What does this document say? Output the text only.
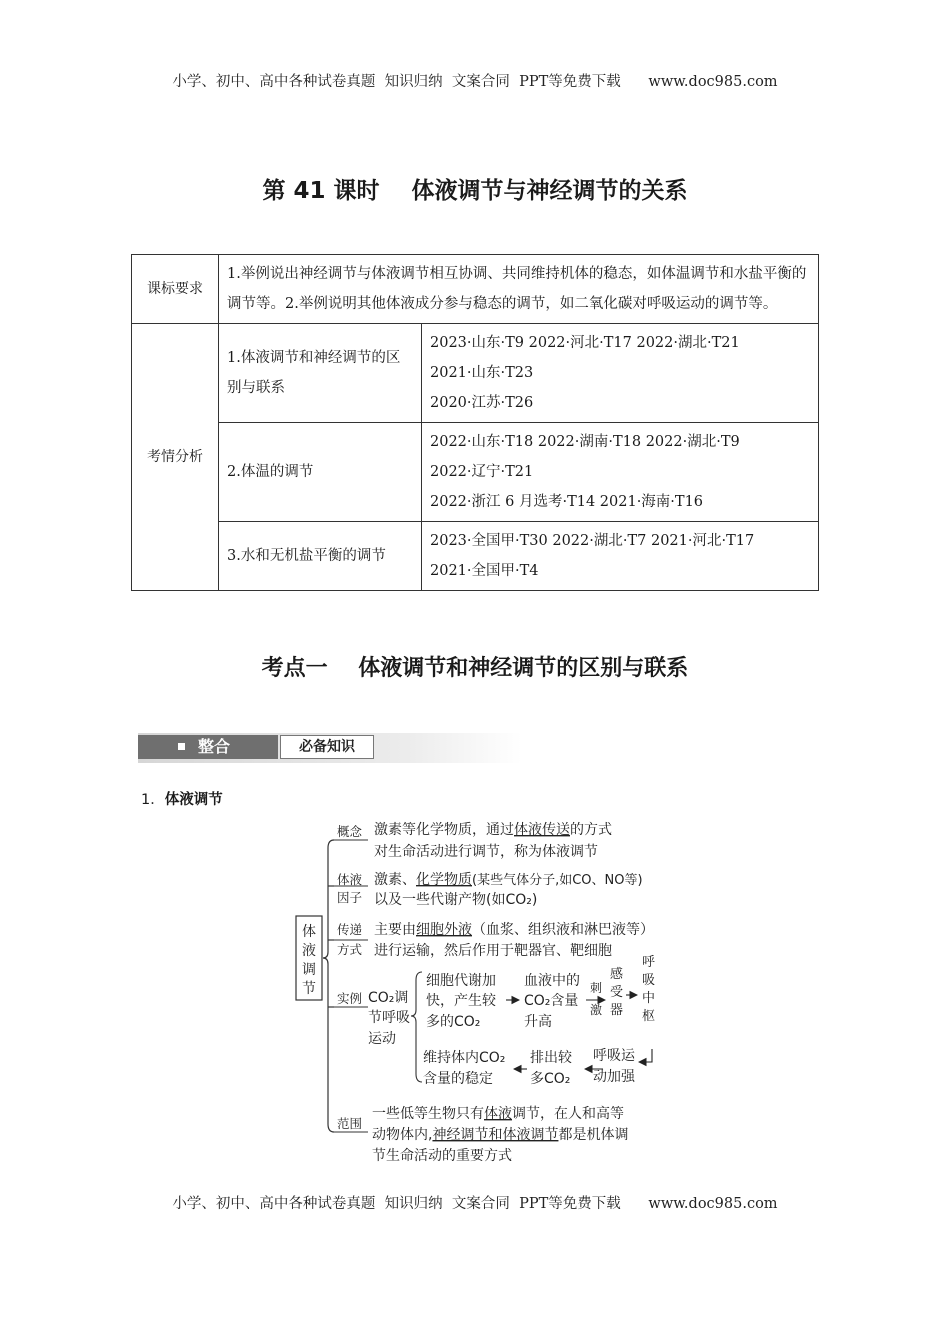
小学、初中、高中各种试卷真题  知识归纳  文案合同  PPT等免费下载      www.doc985.com
第 41 课时    体液调节与神经调节的关系
课标要求	1.举例说出神经调节与体液调节相互协调、共同维持机体的稳态，如体温调节和水盐平衡的调节等。2.举例说明其他体液成分参与稳态的调节，如二氧化碳对呼吸运动的调节等。	
考情分析	1.体液调节和神经调节的区别与联系	2023·山东·T9 2022·河北·T17 2022·湖北·T21
2021·山东·T23
2020·江苏·T26

	2.体温的调节	2022·山东·T18 2022·湖南·T18 2022·湖北·T9
2022·辽宁·T21
2022·浙江 6 月选考·T14 2021·海南·T16

	3.水和无机盐平衡的调节	2023·全国甲·T30 2022·湖北·T7 2021·河北·T17
2021·全国甲·T4
考点一    体液调节和神经调节的区别与联系
整合	必备知识
1．体液调节
体
液
调
节
概念 激素等化学物质，通过体液传送的方式
对生命活动进行调节，称为体液调节
体液
因子
激素、化学物质(某些气体分子,如CO、NO等)
以及一些代谢产物(如CO₂)
传递
方式
主要由细胞外液（血浆、组织液和淋巴液等）
进行运输，然后作用于靶器官、靶细胞
实例 CO₂调
节呼吸
运动
细胞代谢加
快，产生较
多的CO₂
血液中的
CO₂含量
升高
刺
激
感
受
器
呼
吸
中
枢
维持体内CO₂
含量的稳定
排出较
多CO₂
呼吸运
动加强
范围
一些低等生物只有体液调节，在人和高等
动物体内,神经调节和体液调节都是机体调
节生命活动的重要方式
小学、初中、高中各种试卷真题  知识归纳  文案合同  PPT等免费下载      www.doc985.com
